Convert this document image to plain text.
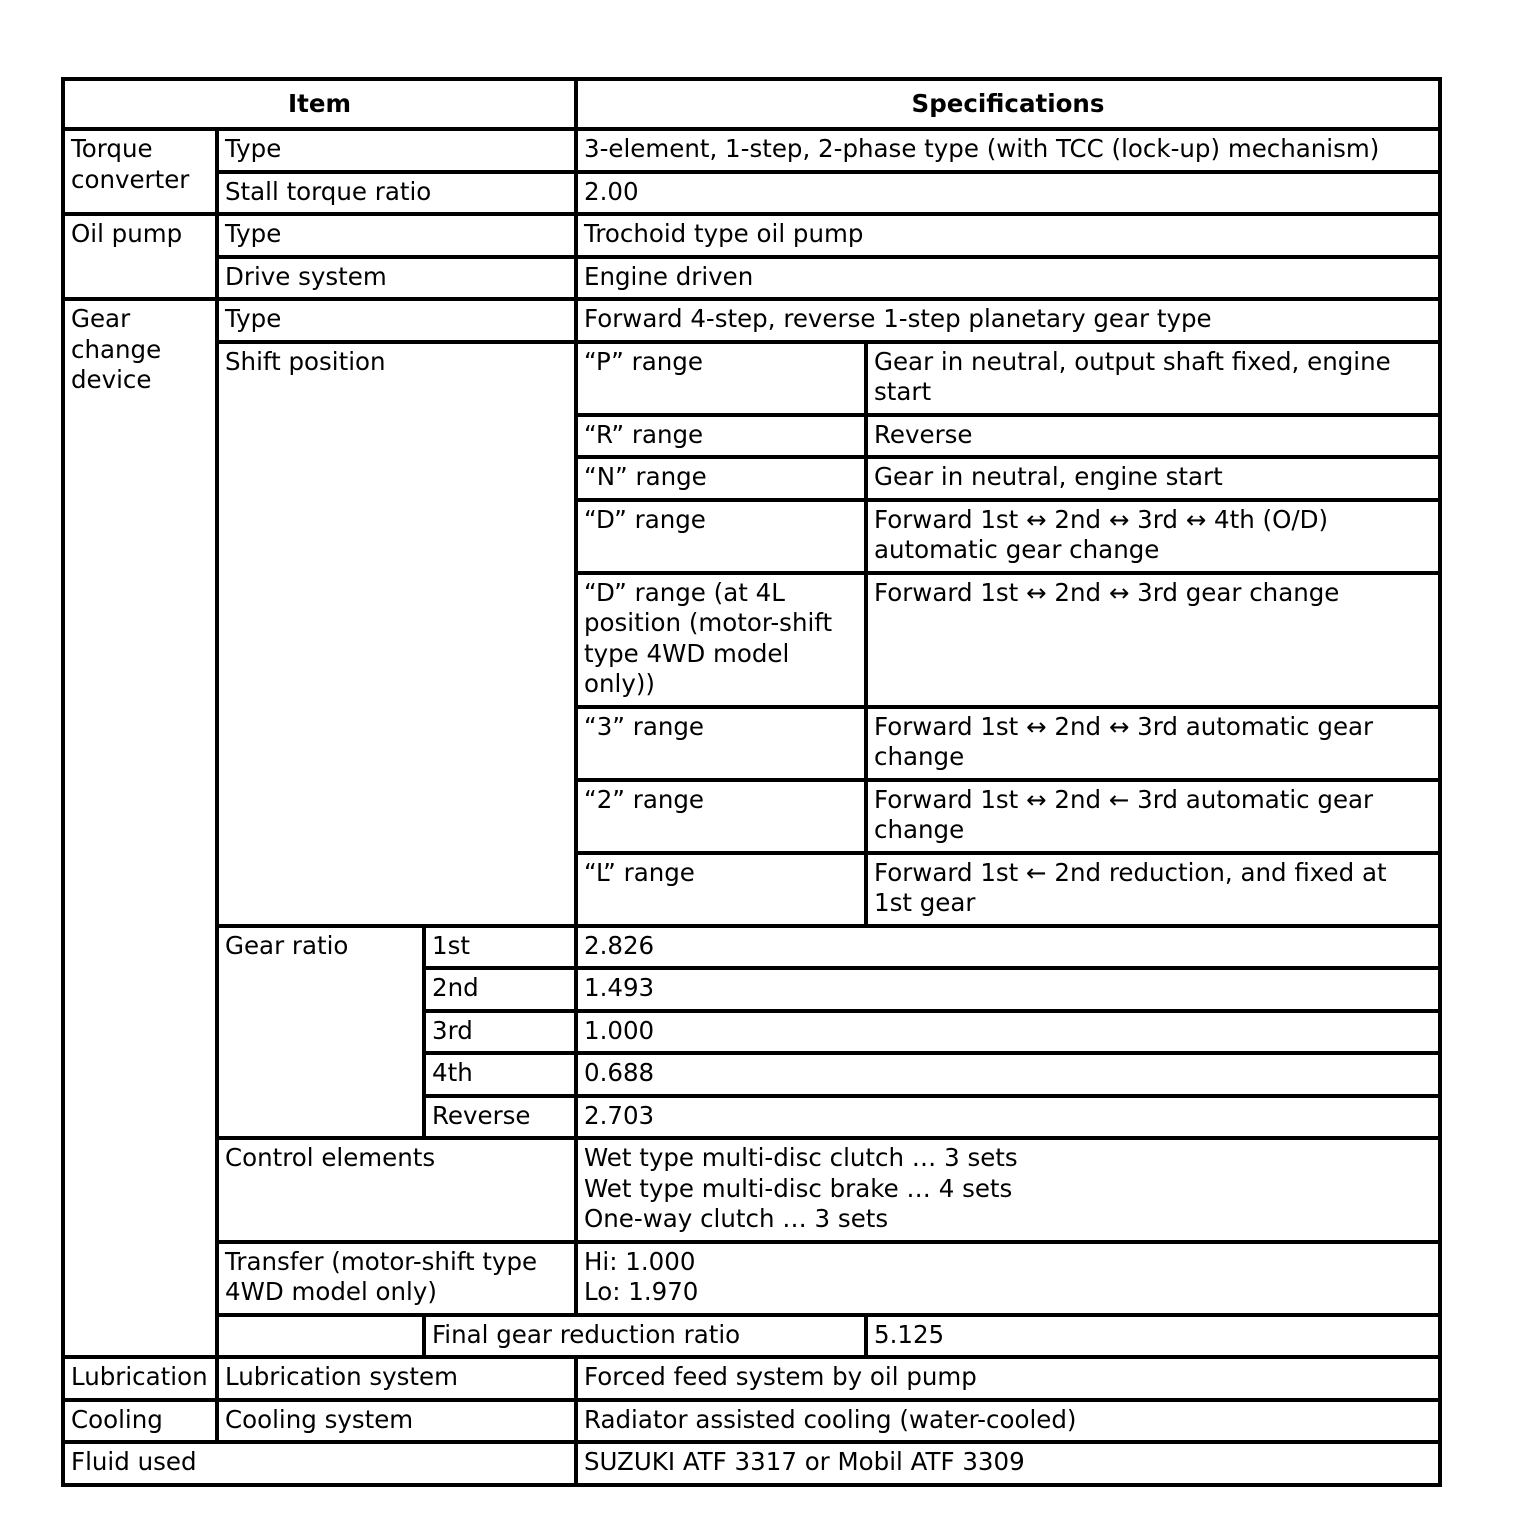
Item			Specifications	
Torque converter	Type		3-element, 1-step, 2-phase type (with TCC (lock-up) mechanism)	
	Stall torque ratio		2.00	
Oil pump	Type		Trochoid type oil pump	
	Drive system		Engine driven	
Gear change device	Type		Forward 4-step, reverse 1-step planetary gear type	
	Shift position		“P” range	Gear in neutral, output shaft fixed, engine start
			“R” range	Reverse
			“N” range	Gear in neutral, engine start
			“D” range	Forward 1st ↔ 2nd ↔ 3rd ↔ 4th (O/D) automatic gear change
			“D” range (at 4L position (motor-shift type 4WD model only))	Forward 1st ↔ 2nd ↔ 3rd gear change
			“3” range	Forward 1st ↔ 2nd ↔ 3rd automatic gear change
			“2” range	Forward 1st ↔ 2nd ← 3rd automatic gear change
			“L” range	Forward 1st ← 2nd reduction, and fixed at 1st gear
	Gear ratio	1st	2.826	
		2nd	1.493	
		3rd	1.000	
		4th	0.688	
		Reverse	2.703	
	Control elements		Wet type multi-disc clutch … 3 sets
Wet type multi-disc brake … 4 sets
One-way clutch … 3 sets	

	Transfer (motor-shift type 4WD model only)		Hi: 1.000
Lo: 1.970	

		Final gear reduction ratio		5.125
Lubrication	Lubrication system		Forced feed system by oil pump	
Cooling	Cooling system		Radiator assisted cooling (water-cooled)	
Fluid used			SUZUKI ATF 3317 or Mobil ATF 3309	
